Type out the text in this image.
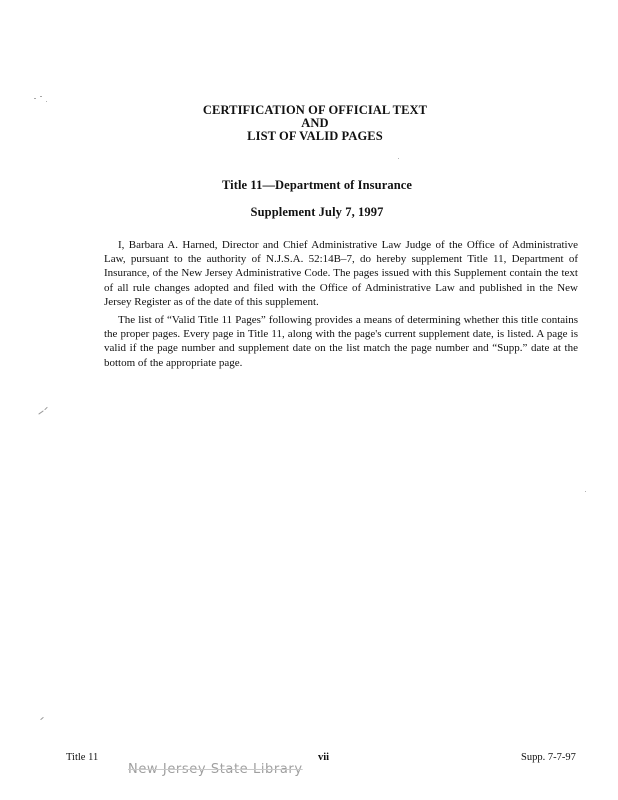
CERTIFICATION OF OFFICIAL TEXT
AND
LIST OF VALID PAGES
Title 11—Department of Insurance
Supplement July 7, 1997

I, Barbara A. Harned, Director and Chief Administrative Law Judge of the Office of Administrative Law, pursuant to the authority of N.J.S.A. 52:14B–7, do hereby supplement Title 11, Department of Insurance, of the New Jersey Administrative Code. The pages issued with this Supplement contain the text of all rule changes adopted and filed with the Office of Administrative Law and published in the New Jersey Register as of the date of this supplement.

The list of “Valid Title 11 Pages” following provides a means of determining whether this title contains the proper pages. Every page in Title 11, along with the page's current supplement date, is listed. A page is valid if the page number and supplement date on the list match the page number and “Supp.” date at the bottom of the appropriate page.

Title 11	vii	Supp. 7-7-97
New Jersey State Library
